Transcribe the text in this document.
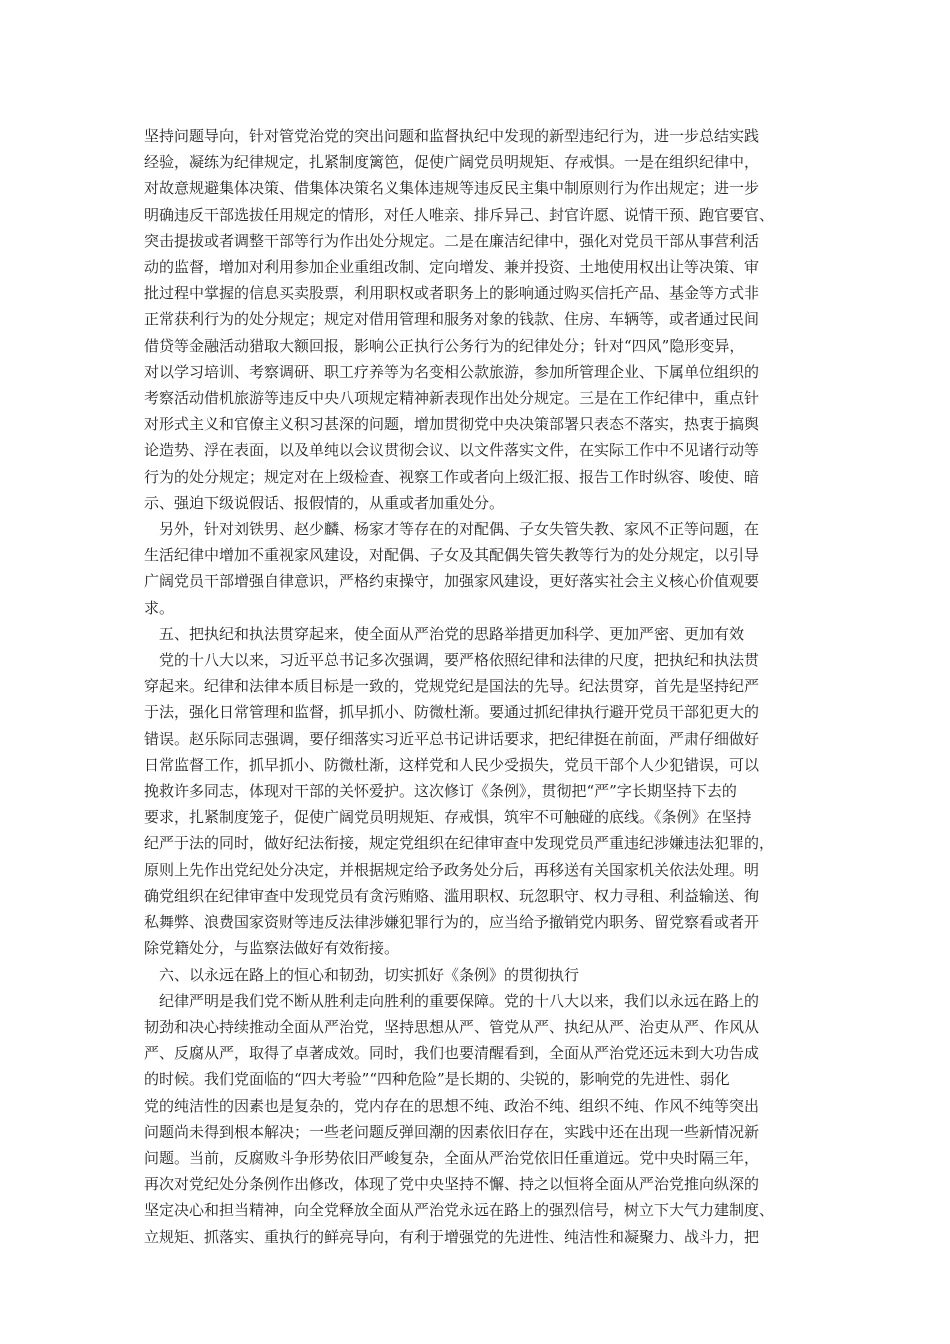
坚持问题导向，针对管党治党的突出问题和监督执纪中发现的新型违纪行为，进一步总结实践
经验，凝练为纪律规定，扎紧制度篱笆，促使广阔党员明规矩、存戒惧。一是在组织纪律中，
对故意规避集体决策、借集体决策名义集体违规等违反民主集中制原则行为作出规定；进一步
明确违反干部选拔任用规定的情形，对任人唯亲、排斥异己、封官许愿、说情干预、跑官要官、
突击提拔或者调整干部等行为作出处分规定。二是在廉洁纪律中，强化对党员干部从事营利活
动的监督，增加对利用参加企业重组改制、定向增发、兼并投资、土地使用权出让等决策、审
批过程中掌握的信息买卖股票，利用职权或者职务上的影响通过购买信托产品、基金等方式非
正常获利行为的处分规定；规定对借用管理和服务对象的钱款、住房、车辆等，或者通过民间
借贷等金融活动猎取大额回报，影响公正执行公务行为的纪律处分；针对“四风”隐形变异，
对以学习培训、考察调研、职工疗养等为名变相公款旅游，参加所管理企业、下属单位组织的
考察活动借机旅游等违反中央八项规定精神新表现作出处分规定。三是在工作纪律中，重点针
对形式主义和官僚主义积习甚深的问题，增加贯彻党中央决策部署只表态不落实，热衷于搞舆
论造势、浮在表面，以及单纯以会议贯彻会议、以文件落实文件，在实际工作中不见诸行动等
行为的处分规定；规定对在上级检查、视察工作或者向上级汇报、报告工作时纵容、唆使、暗
示、强迫下级说假话、报假情的，从重或者加重处分。
　另外，针对刘铁男、赵少麟、杨家才等存在的对配偶、子女失管失教、家风不正等问题，在
生活纪律中增加不重视家风建设，对配偶、子女及其配偶失管失教等行为的处分规定，以引导
广阔党员干部增强自律意识，严格约束操守，加强家风建设，更好落实社会主义核心价值观要
求。
　五、把执纪和执法贯穿起来，使全面从严治党的思路举措更加科学、更加严密、更加有效
　党的十八大以来，习近平总书记多次强调，要严格依照纪律和法律的尺度，把执纪和执法贯
穿起来。纪律和法律本质目标是一致的，党规党纪是国法的先导。纪法贯穿，首先是坚持纪严
于法，强化日常管理和监督，抓早抓小、防微杜渐。要通过抓纪律执行避开党员干部犯更大的
错误。赵乐际同志强调，要仔细落实习近平总书记讲话要求，把纪律挺在前面，严肃仔细做好
日常监督工作，抓早抓小、防微杜渐，这样党和人民少受损失，党员干部个人少犯错误，可以
挽救许多同志，体现对干部的关怀爱护。这次修订《条例》，贯彻把“严”字长期坚持下去的
要求，扎紧制度笼子，促使广阔党员明规矩、存戒惧，筑牢不可触碰的底线。《条例》在坚持
纪严于法的同时，做好纪法衔接，规定党组织在纪律审查中发现党员严重违纪涉嫌违法犯罪的，
原则上先作出党纪处分决定，并根据规定给予政务处分后，再移送有关国家机关依法处理。明
确党组织在纪律审查中发现党员有贪污贿赂、滥用职权、玩忽职守、权力寻租、利益输送、徇
私舞弊、浪费国家资财等违反法律涉嫌犯罪行为的，应当给予撤销党内职务、留党察看或者开
除党籍处分，与监察法做好有效衔接。
　六、以永远在路上的恒心和韧劲，切实抓好《条例》的贯彻执行
　纪律严明是我们党不断从胜利走向胜利的重要保障。党的十八大以来，我们以永远在路上的
韧劲和决心持续推动全面从严治党，坚持思想从严、管党从严、执纪从严、治吏从严、作风从
严、反腐从严，取得了卓著成效。同时，我们也要清醒看到，全面从严治党还远未到大功告成
的时候。我们党面临的“四大考验”“四种危险”是长期的、尖锐的，影响党的先进性、弱化
党的纯洁性的因素也是复杂的，党内存在的思想不纯、政治不纯、组织不纯、作风不纯等突出
问题尚未得到根本解决；一些老问题反弹回潮的因素依旧存在，实践中还在出现一些新情况新
问题。当前，反腐败斗争形势依旧严峻复杂，全面从严治党依旧任重道远。党中央时隔三年，
再次对党纪处分条例作出修改，体现了党中央坚持不懈、持之以恒将全面从严治党推向纵深的
坚定决心和担当精神，向全党释放全面从严治党永远在路上的强烈信号，树立下大气力建制度、
立规矩、抓落实、重执行的鲜亮导向，有利于增强党的先进性、纯洁性和凝聚力、战斗力，把
